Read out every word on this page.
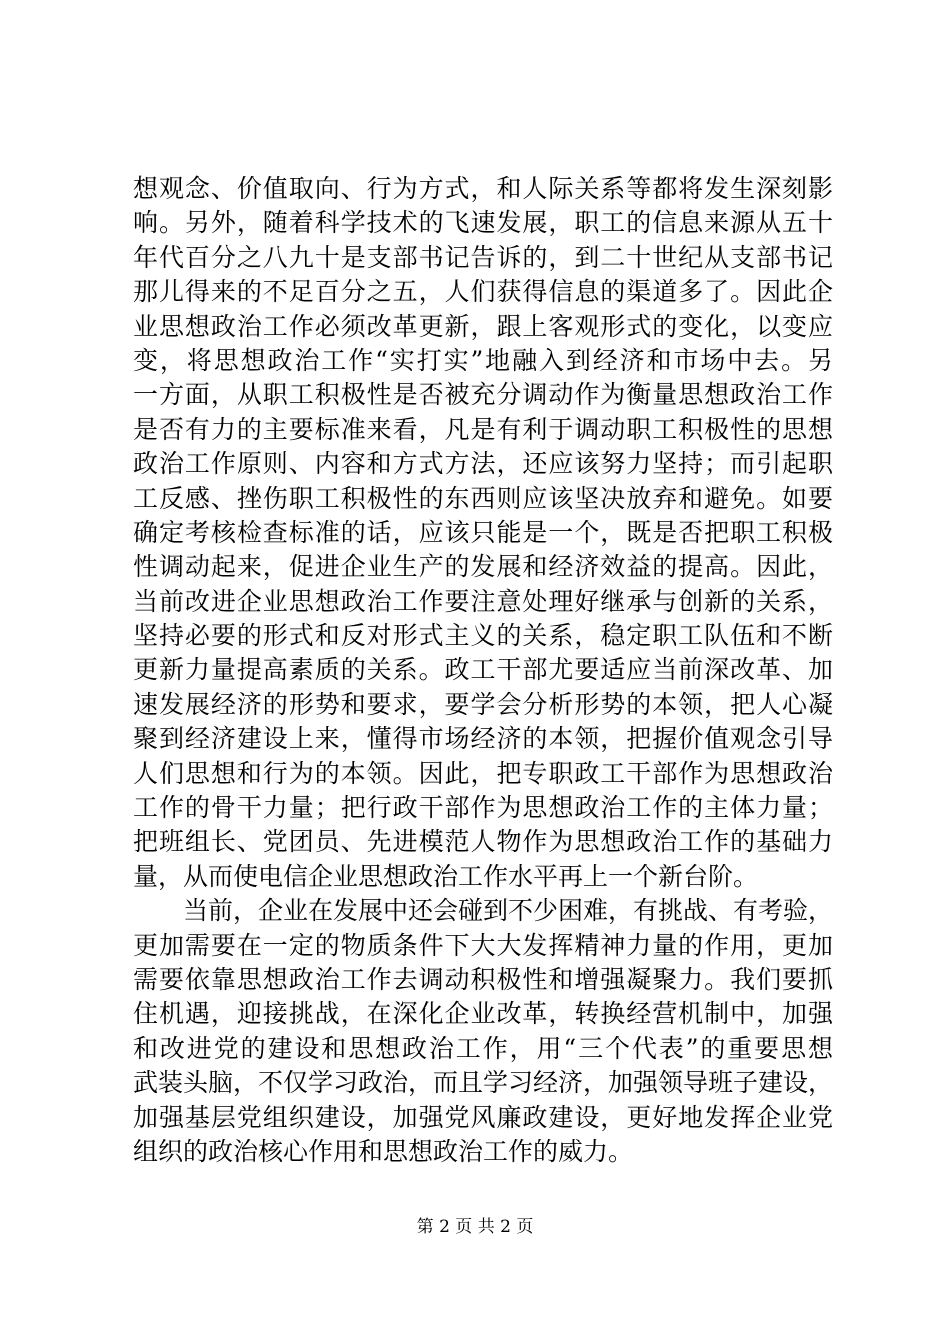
想观念、价值取向、行为方式，和人际关系等都将发生深刻影
响。另外，随着科学技术的飞速发展，职工的信息来源从五十
年代百分之八九十是支部书记告诉的，到二十世纪从支部书记
那儿得来的不足百分之五，人们获得信息的渠道多了。因此企
业思想政治工作必须改革更新，跟上客观形式的变化，以变应
变，将思想政治工作“实打实”地融入到经济和市场中去。另
一方面，从职工积极性是否被充分调动作为衡量思想政治工作
是否有力的主要标准来看，凡是有利于调动职工积极性的思想
政治工作原则、内容和方式方法，还应该努力坚持；而引起职
工反感、挫伤职工积极性的东西则应该坚决放弃和避免。如要
确定考核检查标准的话，应该只能是一个，既是否把职工积极
性调动起来，促进企业生产的发展和经济效益的提高。因此，
当前改进企业思想政治工作要注意处理好继承与创新的关系，
坚持必要的形式和反对形式主义的关系，稳定职工队伍和不断
更新力量提高素质的关系。政工干部尤要适应当前深改革、加
速发展经济的形势和要求，要学会分析形势的本领，把人心凝
聚到经济建设上来，懂得市场经济的本领，把握价值观念引导
人们思想和行为的本领。因此，把专职政工干部作为思想政治
工作的骨干力量；把行政干部作为思想政治工作的主体力量；
把班组长、党团员、先进模范人物作为思想政治工作的基础力
量，从而使电信企业思想政治工作水平再上一个新台阶。
当前，企业在发展中还会碰到不少困难，有挑战、有考验，
更加需要在一定的物质条件下大大发挥精神力量的作用，更加
需要依靠思想政治工作去调动积极性和增强凝聚力。我们要抓
住机遇，迎接挑战，在深化企业改革，转换经营机制中，加强
和改进党的建设和思想政治工作，用“三个代表”的重要思想
武装头脑，不仅学习政治，而且学习经济，加强领导班子建设，
加强基层党组织建设，加强党风廉政建设，更好地发挥企业党
组织的政治核心作用和思想政治工作的威力。
第 2 页 共 2 页
